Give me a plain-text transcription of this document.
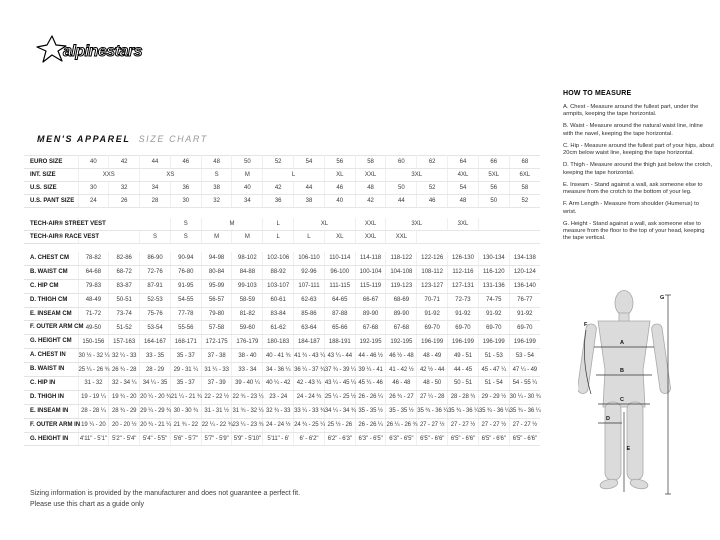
alpinestars
MEN'S APPAREL SIZE CHART
EURO SIZE	40	42	44	46	48	50	52	54	56	58	60	62	64	66	68
INT. SIZE	XXS		XS		S	M	L		XL	XXL	3XL		4XL	5XL	6XL
U.S. SIZE	30	32	34	36	38	40	42	44	46	48	50	52	54	56	58
U.S. PANT SIZE	24	26	28	30	32	34	36	38	40	42	44	46	48	50	52
TECH-AIR® STREET VEST			S	M		L	XL		XXL	3XL		3XL	
TECH-AIR® RACE VEST		S	S	M	M	L	L	XL	XXL	XXL			
A. CHEST CM	78-82	82-86	86-90	90-94	94-98	98-102	102-106	106-110	110-114	114-118	118-122	122-126	126-130	130-134	134-138
B. WAIST CM	64-68	68-72	72-76	76-80	80-84	84-88	88-92	92-96	96-100	100-104	104-108	108-112	112-116	116-120	120-124
C. HIP CM	79-83	83-87	87-91	91-95	95-99	99-103	103-107	107-111	111-115	115-119	119-123	123-127	127-131	131-136	136-140
D. THIGH CM	48-49	50-51	52-53	54-55	56-57	58-59	60-61	62-63	64-65	66-67	68-69	70-71	72-73	74-75	76-77
E. INSEAM CM	71-72	73-74	75-76	77-78	79-80	81-82	83-84	85-86	87-88	89-90	89-90	91-92	91-92	91-92	91-92
F. OUTER ARM CM	49-50	51-52	53-54	55-56	57-58	59-60	61-62	63-64	65-66	67-68	67-68	69-70	69-70	69-70	69-70
G. HEIGHT CM	150-156	157-163	164-167	168-171	172-175	176-179	180-183	184-187	188-191	192-195	192-195	196-199	196-199	196-199	196-199
A. CHEST IN	30 ½ - 32 ¼	32 ¼ - 33	33 - 35	35 - 37	37 - 38	38 - 40	40 - 41 ¾	41 ¾ - 43 ¼	43 ¼ - 44	44 - 46 ½	46 ½ - 48	48 - 49	49 - 51	51 - 53	53 - 54
B. WAIST IN	25 ¼ - 26 ¾	26 ¾ - 28	28 - 29	29 - 31 ¼	31 ¼ - 33	33 - 34	34 - 36 ¼	36 ¼ - 37 ¾	37 ¾ - 39 ¼	39 ¼ - 41	41 - 42 ½	42 ½ - 44	44 - 45	45 - 47 ¼	47 ¼ - 49
C. HIP IN	31 - 32	32 - 34 ¼	34 ¼ - 35	35 - 37	37 - 39	39 - 40 ¼	40 ¼ - 42	42 - 43 ¼	43 ¼ - 45 ¼	45 ¼ - 46	46 - 48	48 - 50	50 - 51	51 - 54	54 - 55 ¼
D. THIGH IN	19 - 19 ¼	19 ¾ - 20	20 ¼ - 20 ¾	21 ¼ - 21 ¾	22 - 22 ½	22 ¾ - 23 ¼	23 - 24	24 - 24 ¾	25 ¼ - 25 ½	26 - 26 ¼	26 ¾ - 27	27 ¼ - 28	28 - 28 ¾	29 - 29 ½	30 ¼ - 30 ¾
E. INSEAM IN	28 - 28 ¼	28 ¾ - 29	29 ¼ - 29 ¾	30 - 30 ¾	31 - 31 ½	31 ¾ - 32 ¼	32 ¾ - 33	33 ¼ - 33 ¾	34 ¼ - 34 ¾	35 - 35 ½	35 - 35 ½	35 ¾ - 36 ¼	35 ¾ - 36 ¼	35 ¾ - 36 ¼	35 ¾ - 36 ¼
F. OUTER ARM IN	19 ¼ - 20	20 - 20 ½	20 ¾ - 21 ¼	21 ¾ - 22	22 ¼ - 22 ¾	23 ¼ - 23 ¾	24 - 24 ½	24 ¾ - 25 ¼	25 ½ - 26	26 - 26 ¼	26 ¼ - 26 ¾	27 - 27 ½	27 - 27 ½	27 - 27 ½	27 - 27 ½
G. HEIGHT IN	4'11" - 5'1"	5'2" - 5'4"	5'4" - 5'5"	5'6" - 5'7"	5'7" - 5'9"	5'9" - 5'10"	5'11" - 6'	6' - 6'2"	6'2" - 6'3"	6'3" - 6'5"	6'3" - 6'5"	6'5" - 6'6"	6'5" - 6'6"	6'5" - 6'6"	6'5" - 6'6"
HOW TO MEASURE

A. Chest - Measure around the fullest part, under the armpits, keeping the tape horizontal.

B. Waist - Measure around the natural waist line, inline with the navel, keeping the tape horizontal.

C. Hip - Measure around the fullest part of your hips, about 20cm below waist line, keeping the tape horizontal.

D. Thigh - Measure around the thigh just below the crotch, keeping the tape horizontal.

E. Inseam - Stand against a wall, ask someone else to measure from the crotch to the bottom of your leg.

F. Arm Length - Measure from shoulder (Humerus) to wrist.

G. Height - Stand against a wall, ask someone else to measure from the floor to the top of your head, keeping the tape vertical.

A
B
C
D
E
F
G
Sizing information is provided by the manufacturer and does not guarantee a perfect fit.
Please use this chart as a guide only
